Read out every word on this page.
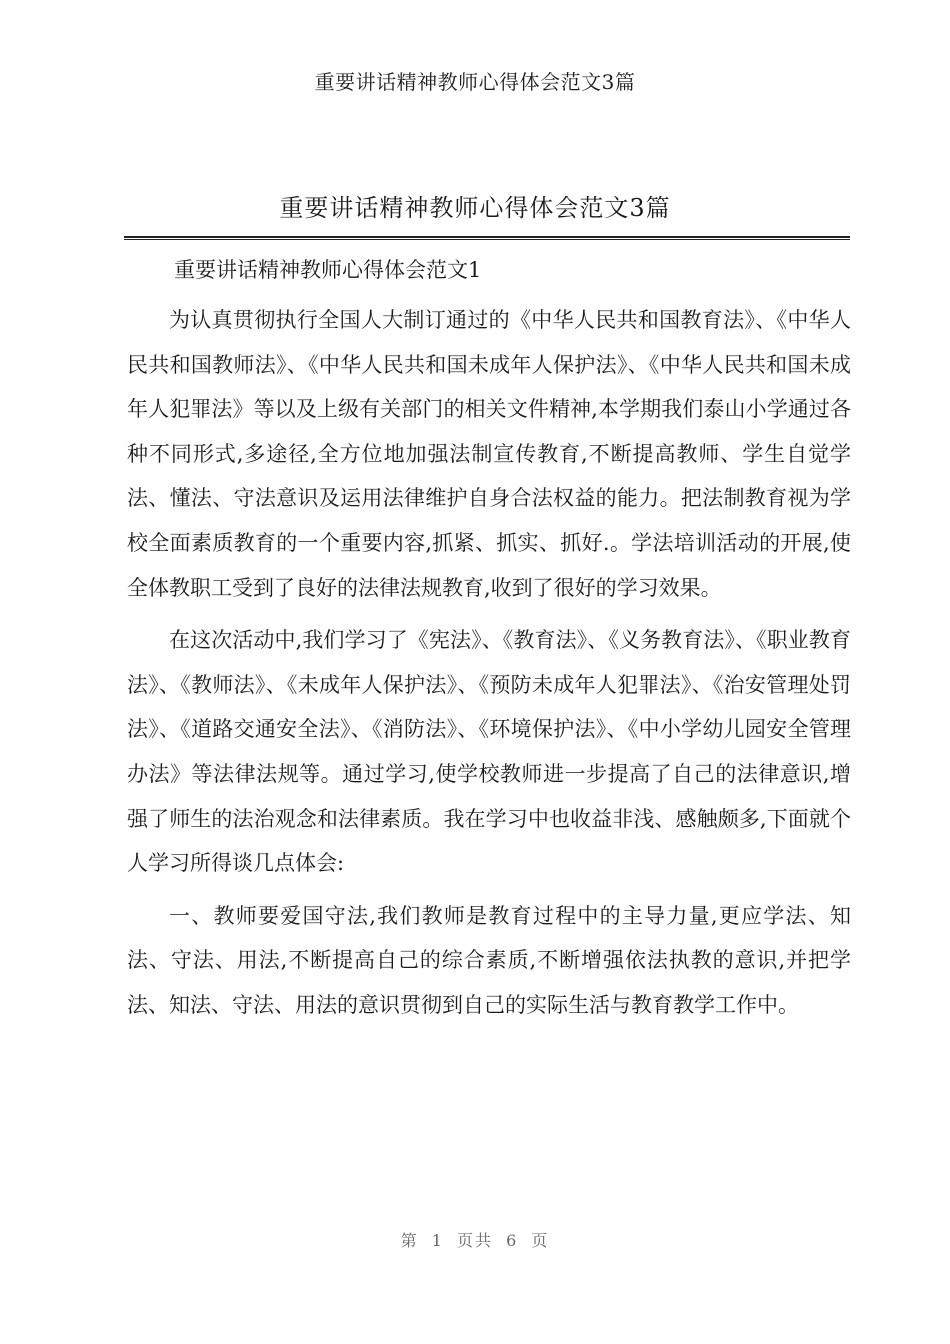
重要讲话精神教师心得体会范文3篇
重要讲话精神教师心得体会范文3篇
重要讲话精神教师心得体会范文1

为认真贯彻执行全国人大制订通过的《中华人民共和国教育法》、《中华人民共和国教师法》、《中华人民共和国未成年人保护法》、《中华人民共和国未成年人犯罪法》等以及上级有关部门的相关文件精神,本学期我们泰山小学通过各种不同形式,多途径,全方位地加强法制宣传教育,不断提高教师、学生自觉学法、懂法、守法意识及运用法律维护自身合法权益的能力。把法制教育视为学校全面素质教育的一个重要内容,抓紧、抓实、抓好.。学法培训活动的开展,使全体教职工受到了良好的法律法规教育,收到了很好的学习效果。

在这次活动中,我们学习了《宪法》、《教育法》、《义务教育法》、《职业教育法》、《教师法》、《未成年人保护法》、《预防未成年人犯罪法》、《治安管理处罚法》、《道路交通安全法》、《消防法》、《环境保护法》、《中小学幼儿园安全管理办法》等法律法规等。通过学习,使学校教师进一步提高了自己的法律意识,增强了师生的法治观念和法律素质。我在学习中也收益非浅、感触颇多,下面就个人学习所得谈几点体会:

一、教师要爱国守法,我们教师是教育过程中的主导力量,更应学法、知法、守法、用法,不断提高自己的综合素质,不断增强依法执教的意识,并把学法、知法、守法、用法的意识贯彻到自己的实际生活与教育教学工作中。

第 1 页共 6 页
